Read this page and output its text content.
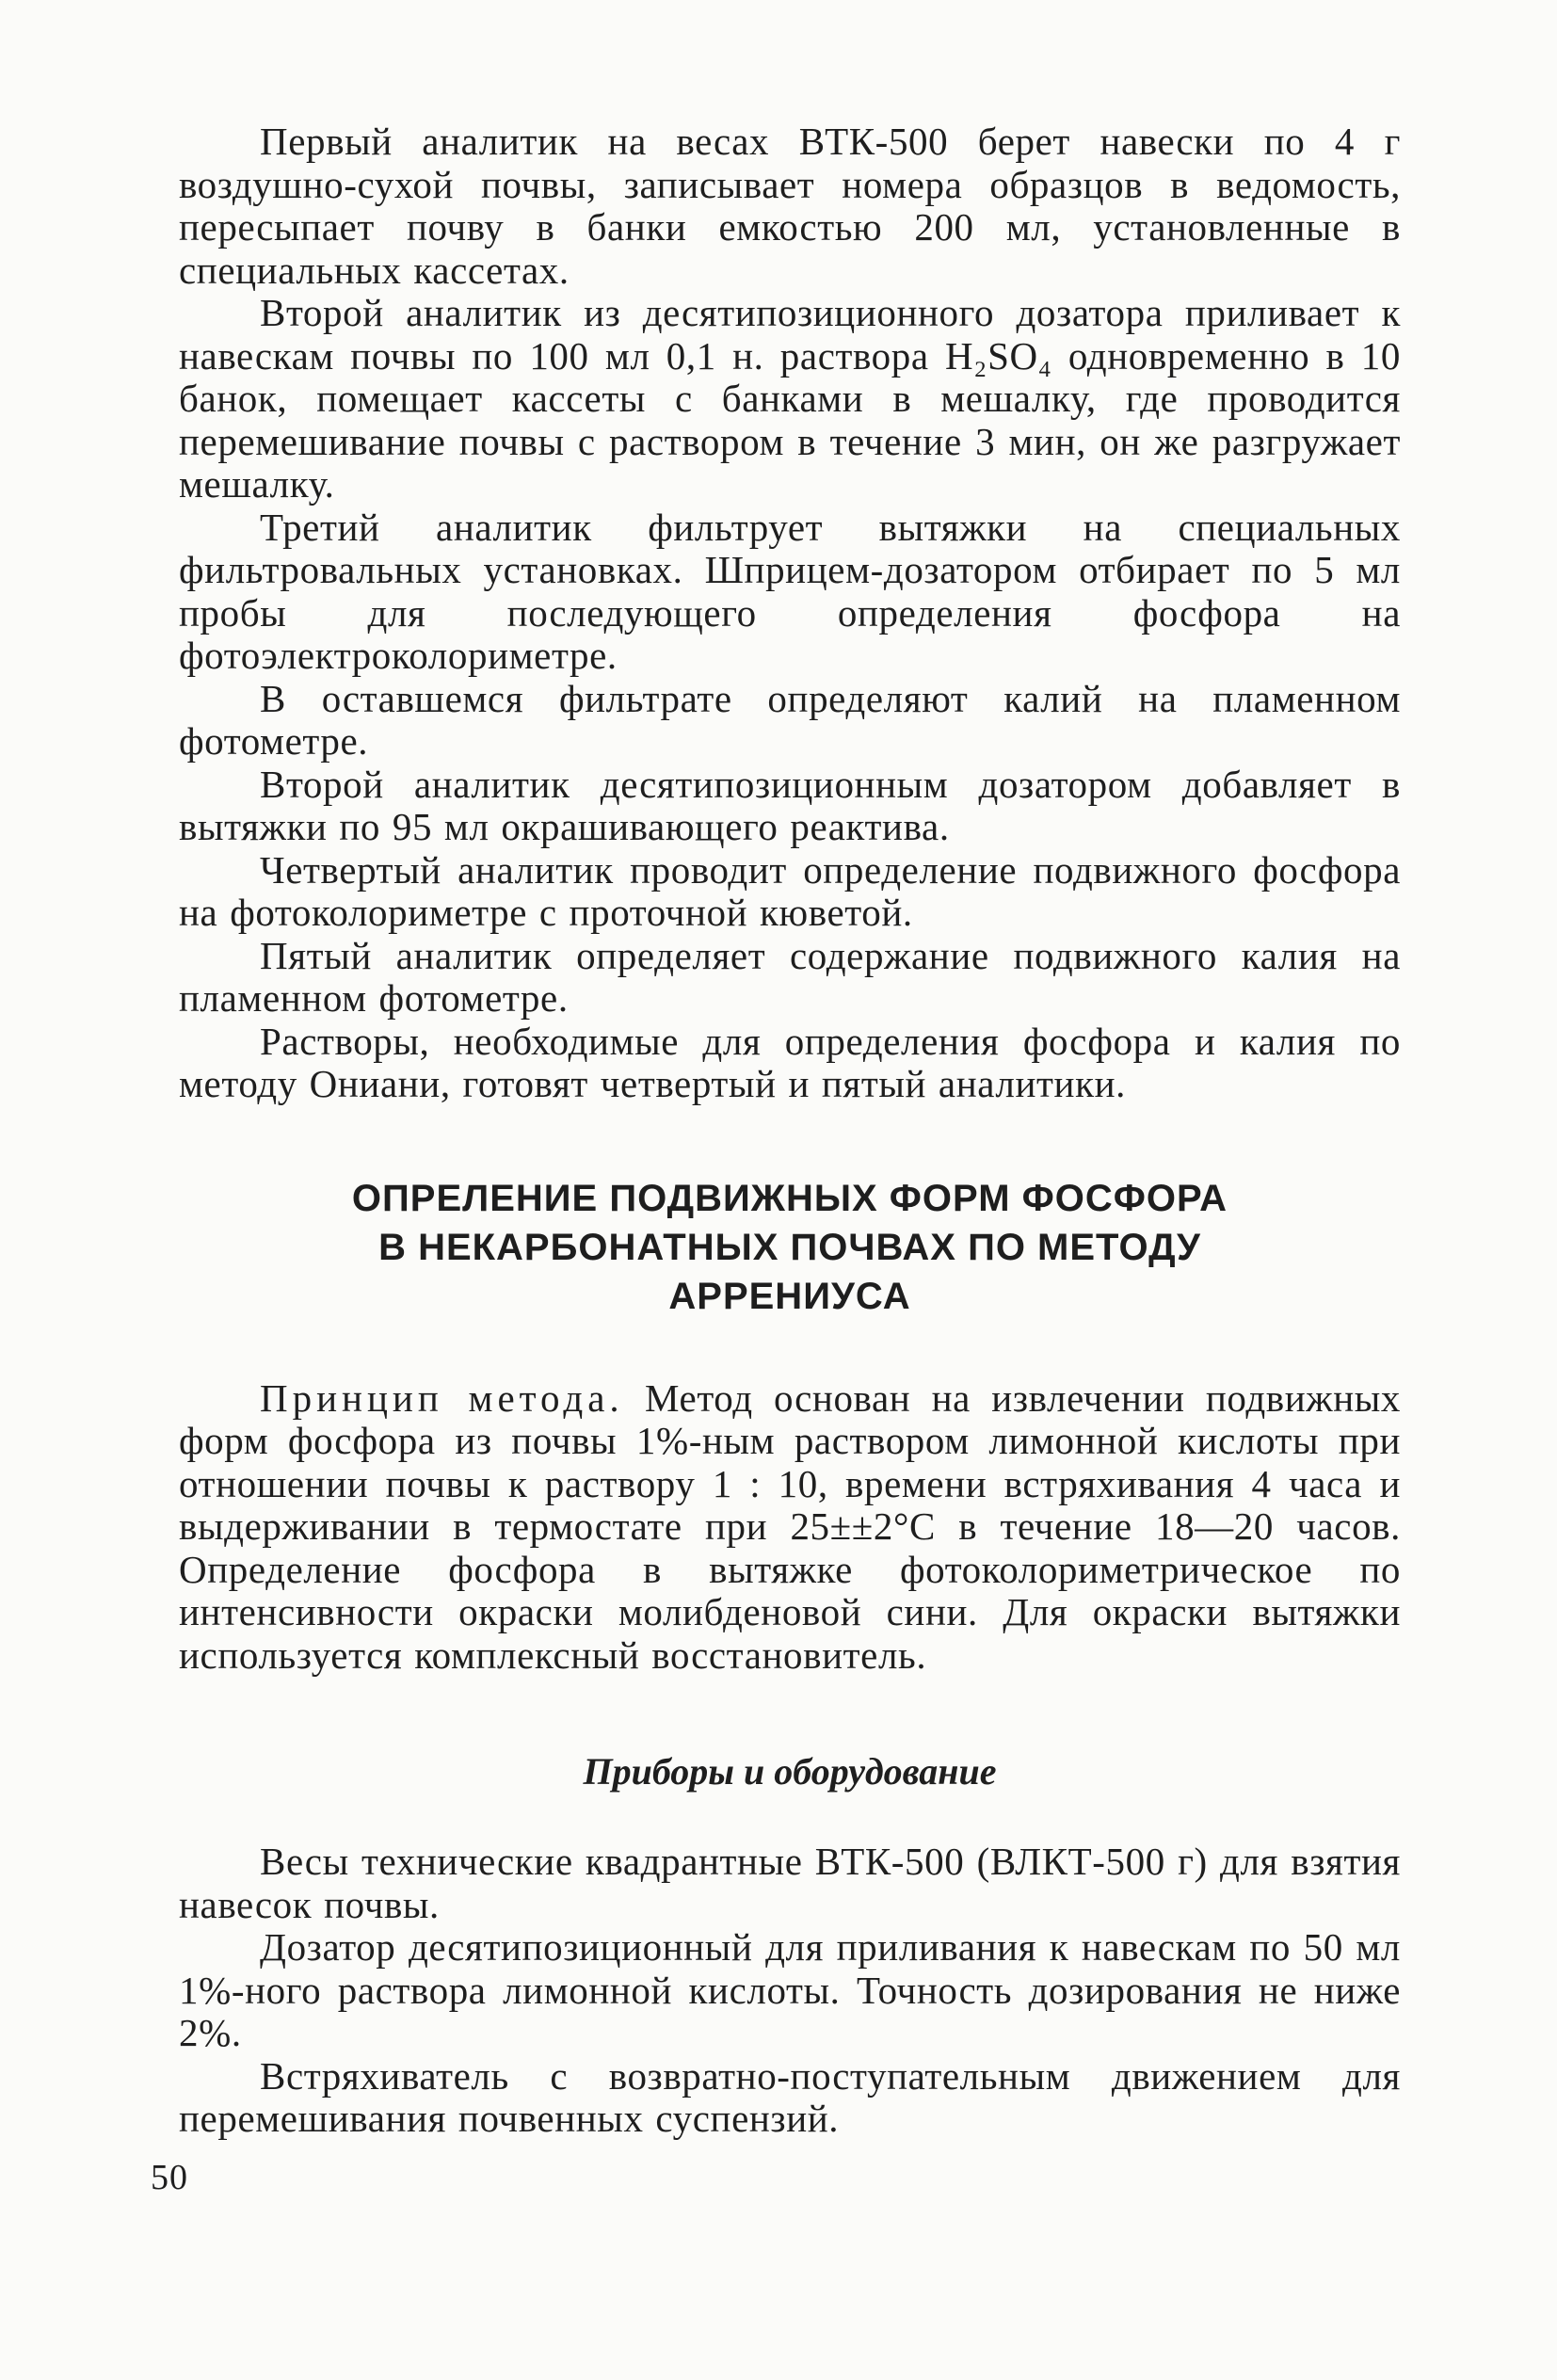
Первый аналитик на весах ВТК-500 берет навески по 4 г воздушно-сухой почвы, записывает номера образцов в ведомость, пересыпает почву в банки емкостью 200 мл, установленные в специальных кассетах.

Второй аналитик из десятипозиционного дозатора приливает к навескам почвы по 100 мл 0,1 н. раствора H₂SO₄ одновременно в 10 банок, помещает кассеты с банками в мешалку, где проводится перемешивание почвы с раствором в течение 3 мин, он же разгружает мешалку.

Третий аналитик фильтрует вытяжки на специальных фильтровальных установках. Шприцем-дозатором отбирает по 5 мл пробы для последующего определения фосфора на фотоэлектроколориметре.

В оставшемся фильтрате определяют калий на пламенном фотометре.

Второй аналитик десятипозиционным дозатором добавляет в вытяжки по 95 мл окрашивающего реактива.

Четвертый аналитик проводит определение подвижного фосфора на фотоколориметре с проточной кюветой.

Пятый аналитик определяет содержание подвижного калия на пламенном фотометре.

Растворы, необходимые для определения фосфора и калия по методу Ониани, готовят четвертый и пятый аналитики.

ОПРЕЛЕНИЕ ПОДВИЖНЫХ ФОРМ ФОСФОРА
В НЕКАРБОНАТНЫХ ПОЧВАХ ПО МЕТОДУ
АРРЕНИУСА

Принцип метода. Метод основан на извлечении подвижных форм фосфора из почвы 1%-ным раствором лимонной кислоты при отношении почвы к раствору 1 : 10, времени встряхивания 4 часа и выдерживании в термостате при 25±±2°С в течение 18—20 часов. Определение фосфора в вытяжке фотоколориметрическое по интенсивности окраски молибденовой сини. Для окраски вытяжки используется комплексный восстановитель.

Приборы и оборудование

Весы технические квадрантные ВТК-500 (ВЛКТ-500 г) для взятия навесок почвы.

Дозатор десятипозиционный для приливания к навескам по 50 мл 1%-ного раствора лимонной кислоты. Точность дозирования не ниже 2%.

Встряхиватель с возвратно-поступательным движением для перемешивания почвенных суспензий.

50
